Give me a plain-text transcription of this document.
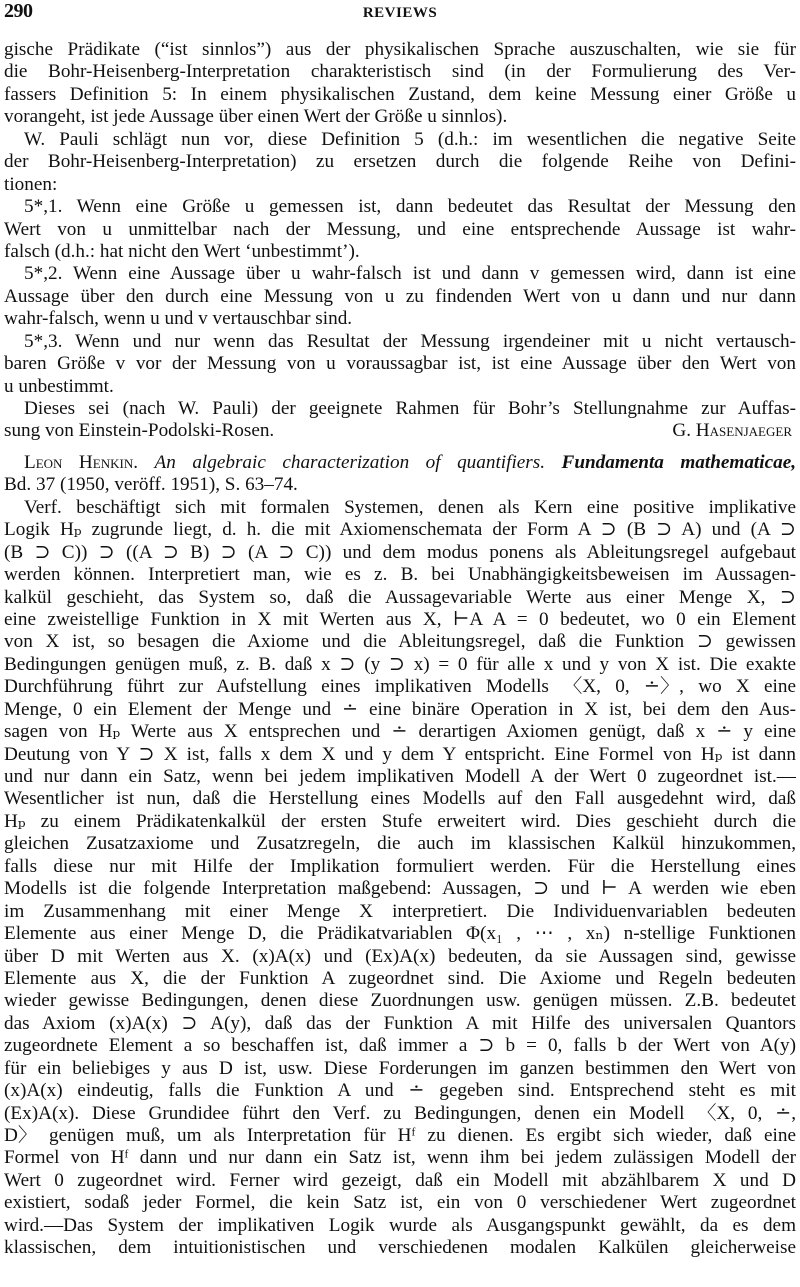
290	REVIEWS
gische Prädikate (“ist sinnlos”) aus der physikalischen Sprache auszuschalten, wie sie für
die Bohr-Heisenberg-Interpretation charakteristisch sind (in der Formulierung des Ver-
fassers Definition 5: In einem physikalischen Zustand, dem keine Messung einer Größe u
vorangeht, ist jede Aussage über einen Wert der Größe u sinnlos).
W. Pauli schlägt nun vor, diese Definition 5 (d.h.: im wesentlichen die negative Seite
der Bohr-Heisenberg-Interpretation) zu ersetzen durch die folgende Reihe von Defini-
tionen:
5*,1. Wenn eine Größe u gemessen ist, dann bedeutet das Resultat der Messung den
Wert von u unmittelbar nach der Messung, und eine entsprechende Aussage ist wahr-
falsch (d.h.: hat nicht den Wert ‘unbestimmt’).
5*,2. Wenn eine Aussage über u wahr-falsch ist und dann v gemessen wird, dann ist eine
Aussage über den durch eine Messung von u zu findenden Wert von u dann und nur dann
wahr-falsch, wenn u und v vertauschbar sind.
5*,3. Wenn und nur wenn das Resultat der Messung irgendeiner mit u nicht vertausch-
baren Größe v vor der Messung von u voraussagbar ist, ist eine Aussage über den Wert von
u unbestimmt.
Dieses sei (nach W. Pauli) der geeignete Rahmen für Bohr’s Stellungnahme zur Auffas-
sung von Einstein-Podolski-Rosen.	G. Hasenjaeger
Leon Henkin. An algebraic characterization of quantifiers. Fundamenta mathematicae,
Bd. 37 (1950, veröff. 1951), S. 63–74.
Verf. beschäftigt sich mit formalen Systemen, denen als Kern eine positive implikative
Logik Hₚ zugrunde liegt, d. h. die mit Axiomenschemata der Form A ⊃ (B ⊃ A) und (A ⊃
(B ⊃ C)) ⊃ ((A ⊃ B) ⊃ (A ⊃ C)) und dem modus ponens als Ableitungsregel aufgebaut
werden können. Interpretiert man, wie es z. B. bei Unabhängigkeitsbeweisen im Aussagen-
kalkül geschieht, das System so, daß die Aussagevariable Werte aus einer Menge X, ⊃
eine zweistellige Funktion in X mit Werten aus X, ⊢A A = 0 bedeutet, wo 0 ein Element
von X ist, so besagen die Axiome und die Ableitungsregel, daß die Funktion ⊃ gewissen
Bedingungen genügen muß, z. B. daß x ⊃ (y ⊃ x) = 0 für alle x und y von X ist. Die exakte
Durchführung führt zur Aufstellung eines implikativen Modells 〈X, 0, ∸〉, wo X eine
Menge, 0 ein Element der Menge und ∸ eine binäre Operation in X ist, bei dem den Aus-
sagen von Hₚ Werte aus X entsprechen und ∸ derartigen Axiomen genügt, daß x ∸ y eine
Deutung von Y ⊃ X ist, falls x dem X und y dem Y entspricht. Eine Formel von Hₚ ist dann
und nur dann ein Satz, wenn bei jedem implikativen Modell A der Wert 0 zugeordnet ist.—
Wesentlicher ist nun, daß die Herstellung eines Modells auf den Fall ausgedehnt wird, daß
Hₚ zu einem Prädikatenkalkül der ersten Stufe erweitert wird. Dies geschieht durch die
gleichen Zusatzaxiome und Zusatzregeln, die auch im klassischen Kalkül hinzukommen,
falls diese nur mit Hilfe der Implikation formuliert werden. Für die Herstellung eines
Modells ist die folgende Interpretation maßgebend: Aussagen, ⊃ und ⊢ A werden wie eben
im Zusammenhang mit einer Menge X interpretiert. Die Individuenvariablen bedeuten
Elemente aus einer Menge D, die Prädikatvariablen Φ(x₁ , ⋯ , xₙ) n-stellige Funktionen
über D mit Werten aus X. (x)A(x) und (Ex)A(x) bedeuten, da sie Aussagen sind, gewisse
Elemente aus X, die der Funktion A zugeordnet sind. Die Axiome und Regeln bedeuten
wieder gewisse Bedingungen, denen diese Zuordnungen usw. genügen müssen. Z.B. bedeutet
das Axiom (x)A(x) ⊃ A(y), daß das der Funktion A mit Hilfe des universalen Quantors
zugeordnete Element a so beschaffen ist, daß immer a ⊃ b = 0, falls b der Wert von A(y)
für ein beliebiges y aus D ist, usw. Diese Forderungen im ganzen bestimmen den Wert von
(x)A(x) eindeutig, falls die Funktion A und ∸ gegeben sind. Entsprechend steht es mit
(Ex)A(x). Diese Grundidee führt den Verf. zu Bedingungen, denen ein Modell 〈X, 0, ∸,
D〉 genügen muß, um als Interpretation für Hᶠ zu dienen. Es ergibt sich wieder, daß eine
Formel von Hᶠ dann und nur dann ein Satz ist, wenn ihm bei jedem zulässigen Modell der
Wert 0 zugeordnet wird. Ferner wird gezeigt, daß ein Modell mit abzählbarem X und D
existiert, sodaß jeder Formel, die kein Satz ist, ein von 0 verschiedener Wert zugeordnet
wird.—Das System der implikativen Logik wurde als Ausgangspunkt gewählt, da es dem
klassischen, dem intuitionistischen und verschiedenen modalen Kalkülen gleicherweise
